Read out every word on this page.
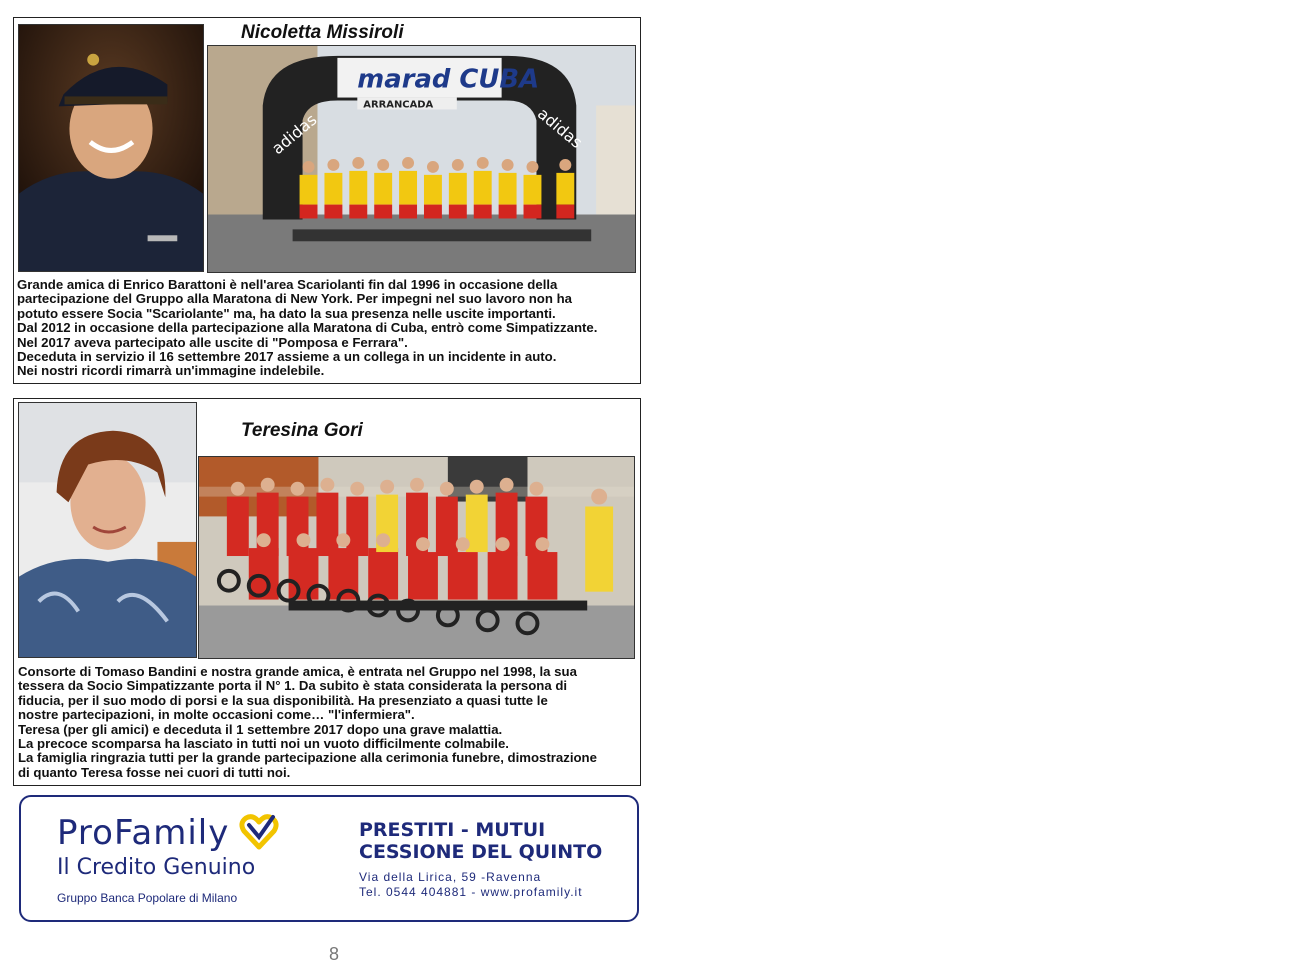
Nicoletta Missiroli
marad CUBA
ARRANCADA
adidas	adidas

Grande amica di Enrico Barattoni è nell'area Scariolanti fin dal 1996 in occasione della
partecipazione del Gruppo alla Maratona di New York. Per impegni nel suo lavoro non ha
potuto essere Socia "Scariolante" ma, ha dato la sua presenza nelle uscite importanti.
Dal 2012 in occasione della partecipazione alla Maratona di Cuba, entrò come Simpatizzante.
Nel 2017 aveva partecipato alle uscite di "Pomposa e Ferrara".
Deceduta in servizio il 16 settembre 2017 assieme a un collega in un incidente in auto.
Nei nostri ricordi rimarrà un'immagine indelebile.

Teresina Gori

Consorte di Tomaso Bandini e nostra grande amica, è entrata nel Gruppo nel 1998, la sua
tessera da Socio Simpatizzante porta il N° 1. Da subito è stata considerata la persona di
fiducia, per il suo modo di porsi e la sua disponibilità. Ha presenziato a quasi tutte le
nostre partecipazioni, in molte occasioni come… "l'infermiera".
Teresa (per gli amici) e deceduta il 1 settembre 2017 dopo una grave malattia.
La precoce scomparsa ha lasciato in tutti noi un vuoto difficilmente colmabile.
La famiglia ringrazia tutti per la grande partecipazione alla cerimonia funebre, dimostrazione
di quanto Teresa fosse nei cuori di tutti noi.

ProFamily
Il Credito Genuino
Gruppo Banca Popolare di Milano
PRESTITI - MUTUI
CESSIONE DEL QUINTO
Via della Lirica, 59 -Ravenna
Tel. 0544 404881 - www.profamily.it
8
